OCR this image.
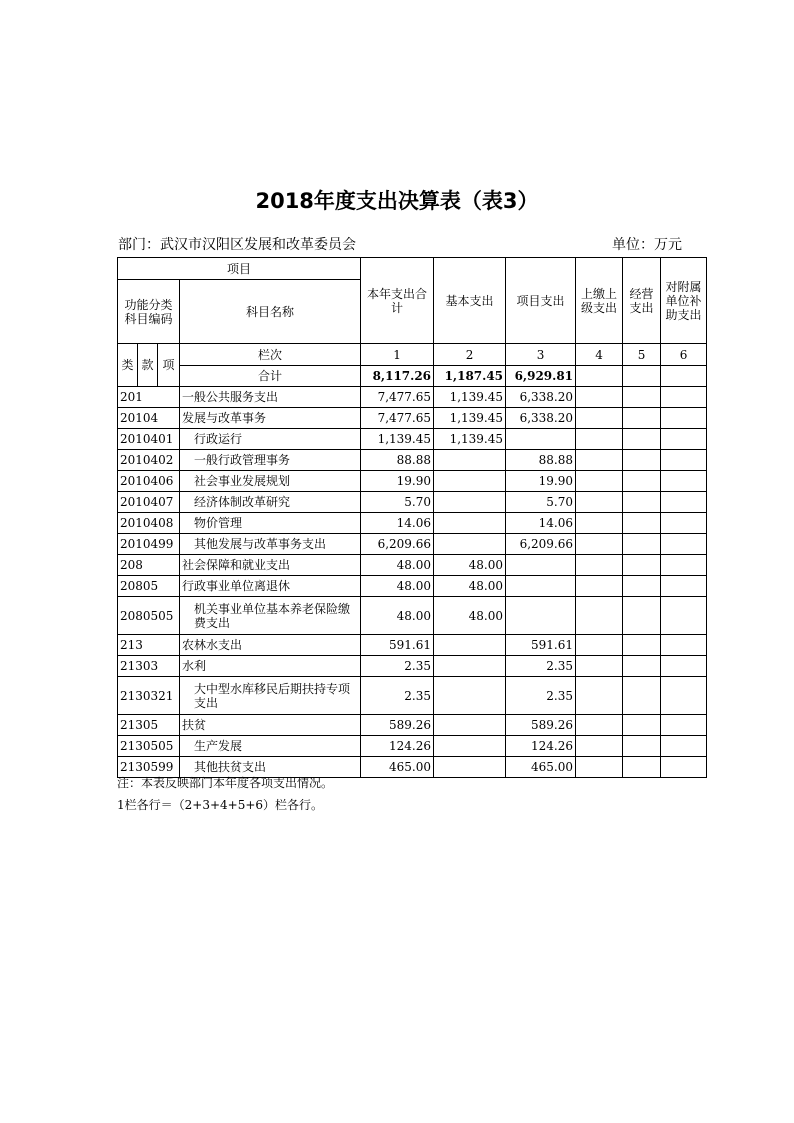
2018年度支出决算表（表3）
部门：武汉市汉阳区发展和改革委员会	单位：万元
项目				本年支出合计	基本支出	项目支出	上缴上级支出	经营支出	对附属单位补助支出
功能分类科目编码			科目名称						

类	款	项	栏次	1	2	3	4	5	6
			合计	8,117.26	1,187.45	6,929.81			
201			一般公共服务支出	7,477.65	1,139.45	6,338.20			
20104			发展与改革事务	7,477.65	1,139.45	6,338.20			
2010401			行政运行	1,139.45	1,139.45				
2010402			一般行政管理事务	88.88		88.88			
2010406			社会事业发展规划	19.90		19.90			
2010407			经济体制改革研究	5.70		5.70			
2010408			物价管理	14.06		14.06			
2010499			其他发展与改革事务支出	6,209.66		6,209.66			
208			社会保障和就业支出	48.00	48.00				
20805			行政事业单位离退休	48.00	48.00				
2080505			机关事业单位基本养老保险缴费支出	48.00	48.00				
213			农林水支出	591.61		591.61			
21303			水利	2.35		2.35			
2130321			大中型水库移民后期扶持专项支出	2.35		2.35			
21305			扶贫	589.26		589.26			
2130505			生产发展	124.26		124.26			
2130599			其他扶贫支出	465.00		465.00			
注：本表反映部门本年度各项支出情况。
1栏各行＝（2+3+4+5+6）栏各行。
